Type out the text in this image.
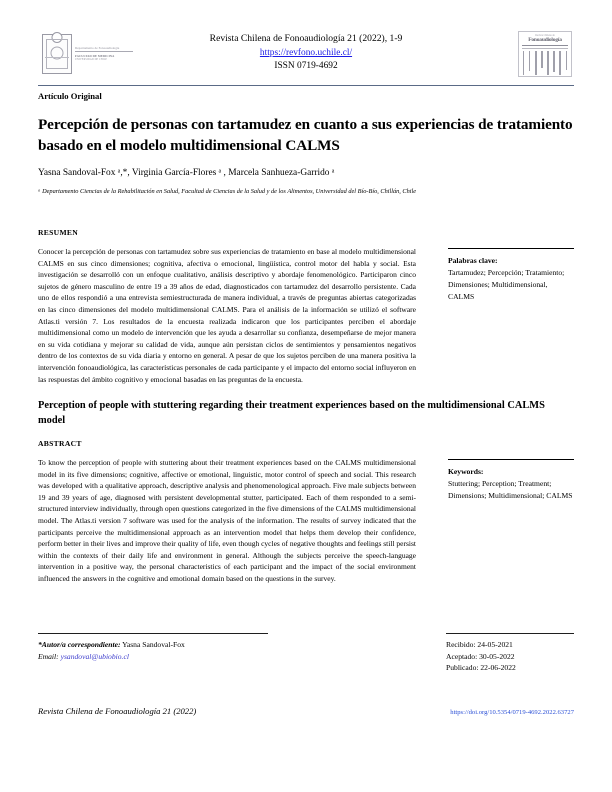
Departamento de Fonoaudiología
FACULTAD DE MEDICINA
UNIVERSIDAD DE CHILE
Revista Chilena de Fonoaudiología 21 (2022), 1-9
https://revfono.uchile.cl/
ISSN 0719-4692
Revista Chilena de
Fonoaudiología
Artículo Original
Percepción de personas con tartamudez en cuanto a sus experiencias de tratamiento basado en el modelo multidimensional CALMS
Yasna Sandoval-Fox ᵃ,*, Virginia García-Flores ᵃ , Marcela Sanhueza-Garrido ᵃ
ᵃ Departamento Ciencias de la Rehabilitación en Salud, Facultad de Ciencias de la Salud y de los Alimentos, Universidad del Bío-Bío, Chillán, Chile
RESUMEN
Conocer la percepción de personas con tartamudez sobre sus experiencias de tratamiento en base al modelo multidimensional CALMS en sus cinco dimensiones; cognitiva, afectiva o emocional, lingüística, control motor del habla y social. Esta investigación se desarrolló con un enfoque cualitativo, análisis descriptivo y abordaje fenomenológico. Participaron cinco sujetos de género masculino de entre 19 a 39 años de edad, diagnosticados con tartamudez del desarrollo persistente. Cada uno de ellos respondió a una entrevista semiestructurada de manera individual, a través de preguntas abiertas categorizadas en las cinco dimensiones del modelo multidimensional CALMS. Para el análisis de la información se utilizó el software Atlas.ti versión 7. Los resultados de la encuesta realizada indicaron que los participantes perciben el abordaje multidimensional como un modelo de intervención que les ayuda a desarrollar su confianza, desempeñarse de mejor manera en su vida cotidiana y mejorar su calidad de vida, aunque aún persistan ciclos de sentimientos y pensamientos negativos dentro de los contextos de su vida diaria y entorno en general. A pesar de que los sujetos perciben de una manera positiva la intervención fonoaudiológica, las características personales de cada participante y el impacto del entorno social influyeron en las respuestas del ámbito cognitivo y emocional basadas en las preguntas de la encuesta.
Palabras clave:
Tartamudez; Percepción; Tratamiento; Dimensiones; Multidimensional, CALMS
Perception of people with stuttering regarding their treatment experiences based on the multidimensional CALMS model
ABSTRACT
To know the perception of people with stuttering about their treatment experiences based on the CALMS multidimensional model in its five dimensions; cognitive, affective or emotional, linguistic, motor control of speech and social. This research was developed with a qualitative approach, descriptive analysis and phenomenological approach. Five male subjects between 19 and 39 years of age, diagnosed with persistent developmental stutter, participated. Each of them responded to a semi-structured interview individually, through open questions categorized in the five dimensions of the CALMS multidimensional model. The Atlas.ti version 7 software was used for the analysis of the information. The results of survey indicated that the participants perceive the multidimensional approach as an intervention model that helps them develop their confidence, perform better in their lives and improve their quality of life, even though cycles of negative thoughts and feelings still persist within the contexts of their daily life and environment in general. Although the subjects perceive the speech-language intervention in a positive way, the personal characteristics of each participant and the impact of the social environment influenced the answers in the cognitive and emotional domain based on the questions in the survey.
Keywords:
Stuttering; Perception; Treatment; Dimensions; Multidimensional; CALMS
*Autor/a correspondiente: Yasna Sandoval-Fox
Email: ysandoval@ubiobio.cl
Recibido: 24-05-2021
Aceptado: 30-05-2022
Publicado: 22-06-2022
Revista Chilena de Fonoaudiología 21 (2022)	https://doi.org/10.5354/0719-4692.2022.63727
